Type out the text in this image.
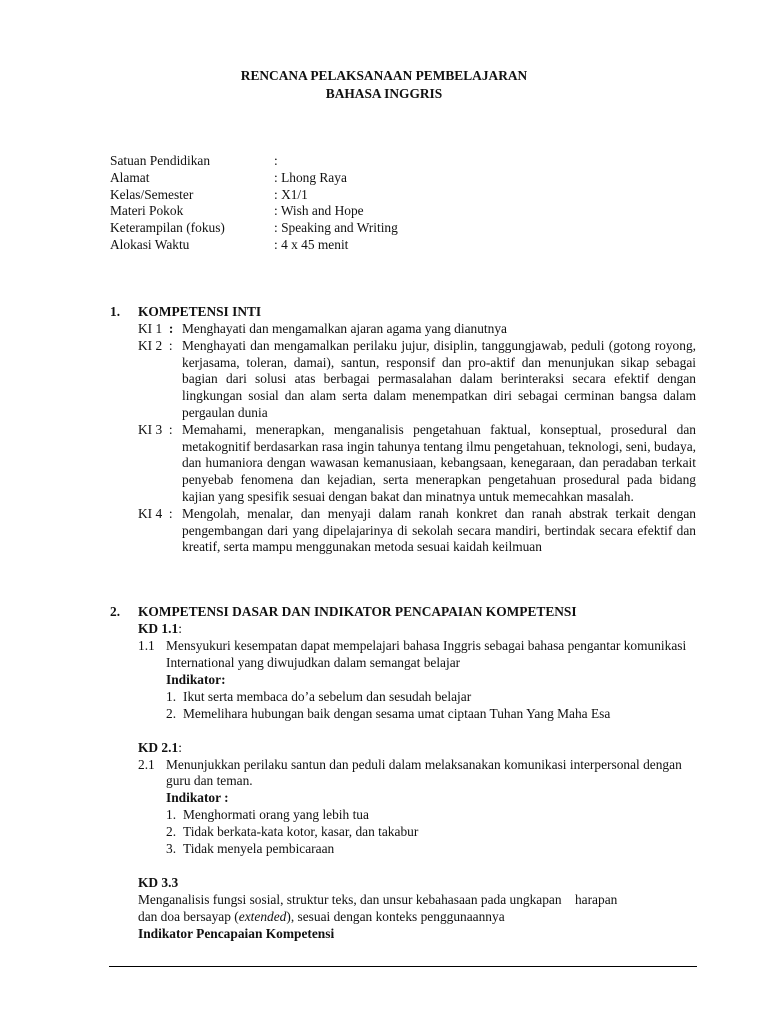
RENCANA PELAKSANAAN PEMBELAJARAN
BAHASA INGGRIS
Satuan Pendidikan	:
Alamat	: Lhong Raya
Kelas/Semester	: X1/1
Materi Pokok	: Wish and Hope
Keterampilan (fokus)	: Speaking and Writing
Alokasi Waktu	: 4 x 45 menit
1. KOMPETENSI INTI
KI 1 : Menghayati dan mengamalkan ajaran agama yang dianutnya
KI 2 : Menghayati dan mengamalkan perilaku jujur, disiplin, tanggungjawab, peduli (gotong royong, kerjasama, toleran, damai), santun, responsif dan pro-aktif dan menunjukan sikap sebagai bagian dari solusi atas berbagai permasalahan dalam berinteraksi secara efektif dengan lingkungan sosial dan alam serta dalam menempatkan diri sebagai cerminan bangsa dalam pergaulan dunia
KI 3 : Memahami, menerapkan, menganalisis pengetahuan faktual, konseptual, prosedural dan metakognitif berdasarkan rasa ingin tahunya tentang ilmu pengetahuan, teknologi, seni, budaya, dan humaniora dengan wawasan kemanusiaan, kebangsaan, kenegaraan, dan peradaban terkait penyebab fenomena dan kejadian, serta menerapkan pengetahuan prosedural pada bidang kajian yang spesifik sesuai dengan bakat dan minatnya untuk memecahkan masalah.
KI 4 : Mengolah, menalar, dan menyaji dalam ranah konkret dan ranah abstrak terkait dengan pengembangan dari yang dipelajarinya di sekolah secara mandiri, bertindak secara efektif dan kreatif, serta mampu menggunakan metoda sesuai kaidah keilmuan
2. KOMPETENSI DASAR DAN INDIKATOR PENCAPAIAN KOMPETENSI
KD 1.1:
1.1 Mensyukuri kesempatan dapat mempelajari bahasa Inggris sebagai bahasa pengantar komunikasi International yang diwujudkan dalam semangat belajar
Indikator:
1. Ikut serta membaca do’a sebelum dan sesudah belajar
2. Memelihara hubungan baik dengan sesama umat ciptaan Tuhan Yang Maha Esa
KD 2.1:
2.1 Menunjukkan perilaku santun dan peduli dalam melaksanakan komunikasi interpersonal dengan guru dan teman.
Indikator :
1. Menghormati orang yang lebih tua
2. Tidak berkata-kata kotor, kasar, dan takabur
3. Tidak menyela pembicaraan
KD 3.3
Menganalisis fungsi sosial, struktur teks, dan unsur kebahasaan pada ungkapan    harapan
dan doa bersayap (extended), sesuai dengan konteks penggunaannya
Indikator Pencapaian Kompetensi
